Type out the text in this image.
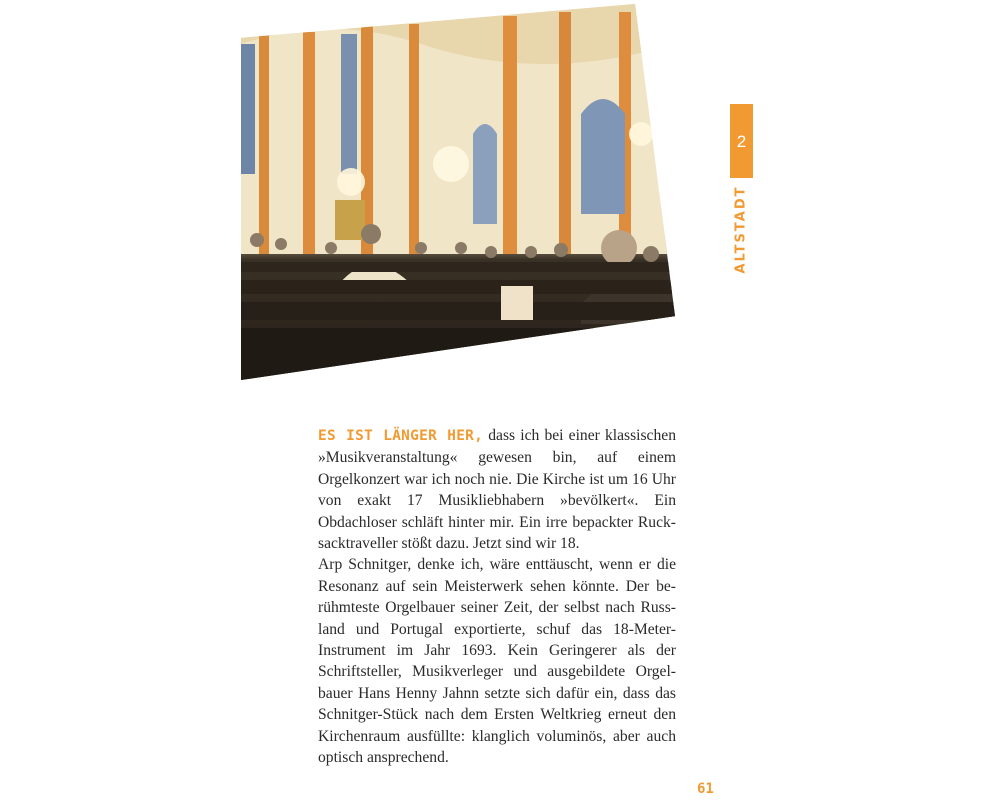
2
ALTSTADT

ES IST LÄNGER HER, dass ich bei einer klassischen »Musikveranstaltung« gewesen bin, auf einem Orgelkonzert war ich noch nie. Die Kirche ist um 16 Uhr von exakt 17 Musikliebhabern »bevölkert«. Ein Obdachloser schläft hinter mir. Ein irre bepackter Rucksacktraveller stößt dazu. Jetzt sind wir 18.

Arp Schnitger, denke ich, wäre enttäuscht, wenn er die Resonanz auf sein Meisterwerk sehen könnte. Der berühmteste Orgelbauer seiner Zeit, der selbst nach Russland und Portugal exportierte, schuf das 18-Meter-Instrument im Jahr 1693. Kein Geringerer als der Schriftsteller, Musikverleger und ausgebildete Orgelbauer Hans Henny Jahnn setzte sich dafür ein, dass das Schnitger-Stück nach dem Ersten Weltkrieg erneut den Kirchenraum ausfüllte: klanglich voluminös, aber auch optisch ansprechend.

61
